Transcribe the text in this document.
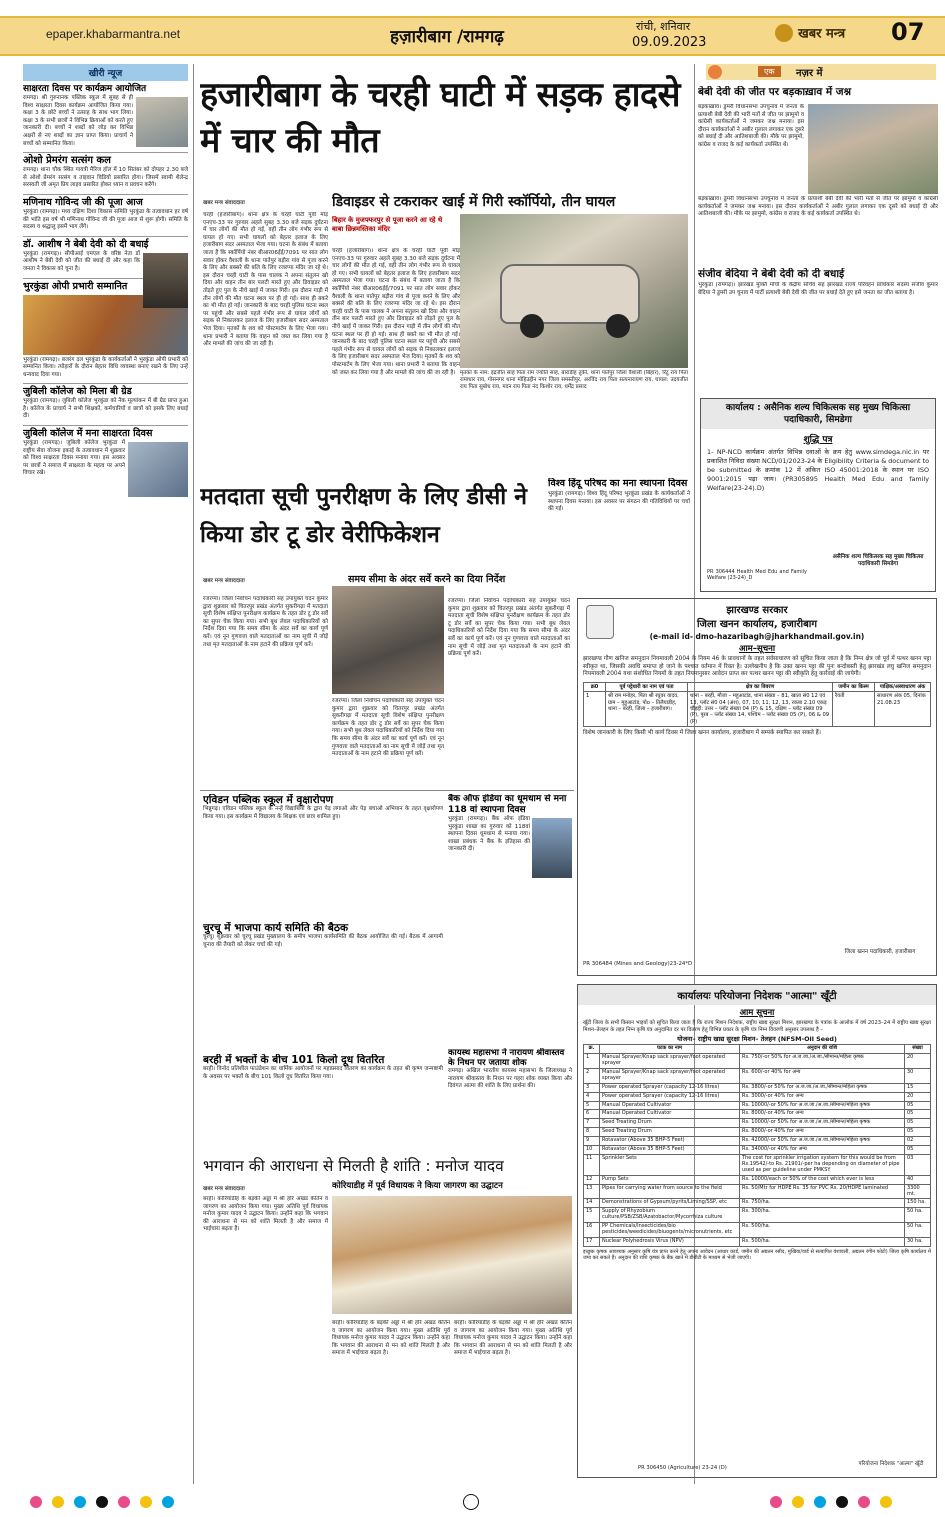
epaper.khabarmantra.net	हज़ारीबाग /रामगढ़
रांची, शनिवार
09.09.2023
खबर मन्त्र	07
खीरी न्यूज
साक्षरता दिवस पर कार्यक्रम आयोजित
रामगढ़। श्री गुरुनानक पब्लिक स्कूल में सुबह से ही विश्व साक्षरता दिवस कार्यक्रम आयोजित किया गया। कक्षा 3 के छोटे बच्चों ने उत्साह के साथ भाग लिया। कक्षा 3 के सभी छात्रों ने विभिन्न क्रियाओं को करते हुए जानकारी दी। बच्चों ने शब्दों को जोड़ कर विभिन्न अक्षरों से नए शब्दों का ज्ञान प्राप्त किया। प्राचार्य ने बच्चों को सम्मानित किया।
ओशो प्रेमरंग सत्संग कल
रामगढ़। थाना चौक स्थित गायत्री मैरिज हॉल में 10 सितंबर को दोपहर 2.30 बजे से ओशो प्रेमरंग सत्संग व ताइवान विडियो प्रसारित होगा। जिसमें स्वामी शैलेन्द्र सरस्वती जी अमृत प्रिय लाइव प्रसारित होकर ध्यान व प्रवचन करेंगे।
मणिनाथ गोविन्द जी की पूजा आज
भुरकुंडा (रामगढ़)। मध्य दक्षिण दिशा विकास समिति भुरकुंडा के तत्वावधान हर वर्ष की भांति इस वर्ष भी मणिनाथ गोविन्द जी की पूजा आज से शुरू होगी। समिति के सदस्य व श्रद्धालु इसमें भाग लेंगे।
डॉ. आशीष ने बेबी देवी को दी बधाई
भुरकुंडा (रामगढ़)। सीपीआई एमएल के वरिष्ठ नेता डॉ आशीष ने बेबी देवी को जीत की बधाई दी और कहा कि जनता ने विकास को चुना है।
भुरकुंडा ओपी प्रभारी सम्मानित
भुरकुंडा (रामगढ़)। बजरंग दल भुरकुंडा के कार्यकर्ताओं ने भुरकुंडा ओपी प्रभारी को सम्मानित किया। त्योहारों के दौरान बेहतर विधि व्यवस्था बनाए रखने के लिए उन्हें धन्यवाद दिया गया।
जुबिली कॉलेज को मिला बी ग्रेड
भुरकुंडा (रामगढ़)। जुबिली कॉलेज भुरकुंडा को नैक मूल्यांकन में बी ग्रेड प्राप्त हुआ है। कॉलेज के प्राचार्य ने सभी शिक्षकों, कर्मचारियों व छात्रों को इसके लिए बधाई दी।
जुबिली कॉलेज में मना साक्षरता दिवस
भुरकुंडा (रामगढ़)। जुबिली कॉलेज भुरकुंडा में राष्ट्रीय सेवा योजना इकाई के तत्वावधान में शुक्रवार को विश्व साक्षरता दिवस मनाया गया। इस अवसर पर छात्रों ने समाज में साक्षरता के महत्व पर अपने विचार रखे।
हजारीबाग के चरही घाटी में सड़क हादसे में चार की मौत
खबर मन्त्र संवाददाता
चरही (हजारीबाग)। थाना क्षेत्र के चरही घाटी पूर्वी मोड़ एनएच-33 पर गुरुवार अहले सुबह 3.30 बजे सड़क दुर्घटना में चार लोगों की मौत हो गई, वहीं तीन लोग गंभीर रूप से घायल हो गए। सभी घायलों को बेहतर इलाज के लिए हजारीबाग सदर अस्पताल भेजा गया। घटना के संबंध में बताया जाता है कि स्कॉर्पियो नंबर बीआर06ईई/7091 पर सात लोग सवार होकर वैशाली के थाना पातेपुर बड़ौरा गांव से पूजा करने के लिए और बक्सरे की बलि के लिए रजरप्पा मंदिर जा रहे थे। इस दौरान चरही घाटी के पास चालक ने अपना संतुलन खो दिया और वाहन तीन बार पलटी मारते हुए और डिवाइडर को तोड़ते हुए पुल के नीचे खाई में जाकर गिरी। इस दौरान गाड़ी में तीन लोगों की मौत घटना स्थल पर ही हो गई। साथ ही बकरे का भी मौत हो गई। जानकारी के बाद चरही पुलिस घटना स्थल पर पहुंची और सबसे पहले गंभीर रूप से घायल लोगों को सड़क से निकालकर इलाज के लिए हजारीबाग सदर अस्पताल भेज दिया। मृतकों के शव को पोस्टमार्टम के लिए भेजा गया। थाना प्रभारी ने बताया कि वाहन को जब्त कर लिया गया है और मामले की जांच की जा रही है।
चरही (हजारीबाग)। थाना क्षेत्र के चरही घाटी पूर्वी मोड़ एनएच-33 पर गुरुवार अहले सुबह 3.30 बजे सड़क दुर्घटना में चार लोगों की मौत हो गई, वहीं तीन लोग गंभीर रूप से घायल हो गए। सभी घायलों को बेहतर इलाज के लिए हजारीबाग सदर अस्पताल भेजा गया। घटना के संबंध में बताया जाता है कि स्कॉर्पियो नंबर बीआर06ईई/7091 पर सात लोग सवार होकर वैशाली के थाना पातेपुर बड़ौरा गांव से पूजा करने के लिए और बक्सरे की बलि के लिए रजरप्पा मंदिर जा रहे थे। इस दौरान चरही घाटी के पास चालक ने अपना संतुलन खो दिया और वाहन तीन बार पलटी मारते हुए और डिवाइडर को तोड़ते हुए पुल के नीचे खाई में जाकर गिरी। इस दौरान गाड़ी में तीन लोगों की मौत घटना स्थल पर ही हो गई। साथ ही बकरे का भी मौत हो गई। जानकारी के बाद चरही पुलिस घटना स्थल पर पहुंची और सबसे पहले गंभीर रूप से घायल लोगों को सड़क से निकालकर इलाज के लिए हजारीबाग सदर अस्पताल भेज दिया। मृतकों के शव को पोस्टमार्टम के लिए भेजा गया। थाना प्रभारी ने बताया कि वाहन को जब्त कर लिया गया है और मामले की जांच की जा रही है।
डिवाइडर से टकराकर खाई में गिरी स्कॉर्पियो, तीन घायल
बिहार के मुजफ्फरपुर से पूजा करने आ रहे थे बाबा छिन्नमस्तिका मंदिर
मृतकों के नाम: इंद्रजीत साह पिता राम ज्योति साह, बाराडीह तुर्की, थाना पातेपुर जिला वैशाली (बिहार), रिंटू राय पिता रामाधार राय, गोसनगर थाना मोहिउद्दीन नगर जिला समस्तीपुर, अरविंद राय पिता सत्यनारायण राय, घायल: उदयजीत राय पिता सुबोध राय, मदन राय पिता नंद किशोर राय, धर्मेंद्र प्रसाद
मतदाता सूची पुनरीक्षण के लिए डीसी ने किया डोर टू डोर वेरीफिकेशन
खबर मन्त्र संवाददाता	समय सीमा के अंदर सर्वे करने का दिया निर्देश
रजरप्पा। जिला निर्वाचन पदाधिकारी सह उपायुक्त चंदन कुमार द्वारा शुक्रवार को चितरपुर प्रखंड अंतर्गत सुकरीगढ़ा में मतदाता सूची विशेष संक्षिप्त पुनरीक्षण कार्यक्रम के तहत डोर टू डोर सर्वे का सुपर चेक किया गया। सभी बूथ लेवल पदाधिकारियों को निर्देश दिया गया कि समय सीमा के अंदर सर्वे का कार्य पूर्ण करें। एवं नून गुणवत्ता वाले मतदाताओं का नाम सूची में जोड़ें तथा मृत मतदाताओं के नाम हटाने की प्रक्रिया पूर्ण करें।
रजरप्पा। जिला निर्वाचन पदाधिकारी सह उपायुक्त चंदन कुमार द्वारा शुक्रवार को चितरपुर प्रखंड अंतर्गत सुकरीगढ़ा में मतदाता सूची विशेष संक्षिप्त पुनरीक्षण कार्यक्रम के तहत डोर टू डोर सर्वे का सुपर चेक किया गया। सभी बूथ लेवल पदाधिकारियों को निर्देश दिया गया कि समय सीमा के अंदर सर्वे का कार्य पूर्ण करें। एवं नून गुणवत्ता वाले मतदाताओं का नाम सूची में जोड़ें तथा मृत मतदाताओं के नाम हटाने की प्रक्रिया पूर्ण करें।
रजरप्पा। जिला निर्वाचन पदाधिकारी सह उपायुक्त चंदन कुमार द्वारा शुक्रवार को चितरपुर प्रखंड अंतर्गत सुकरीगढ़ा में मतदाता सूची विशेष संक्षिप्त पुनरीक्षण कार्यक्रम के तहत डोर टू डोर सर्वे का सुपर चेक किया गया। सभी बूथ लेवल पदाधिकारियों को निर्देश दिया गया कि समय सीमा के अंदर सर्वे का कार्य पूर्ण करें। एवं नून गुणवत्ता वाले मतदाताओं का नाम सूची में जोड़ें तथा मृत मतदाताओं के नाम हटाने की प्रक्रिया पूर्ण करें।
विश्व हिंदू परिषद का मना स्थापना दिवस
भुरकुंडा (रामगढ़)। विश्व हिंदू परिषद भुरकुंडा प्रखंड के कार्यकर्ताओं ने स्थापना दिवस मनाया। इस अवसर पर संगठन की गतिविधियों पर चर्चा की गई।
एविडन पब्लिक स्कूल में वृक्षारोपण
भिन्नुगढ़। एविडन पब्लिक स्कूल के नन्हें विद्यार्थियों के द्वारा पेड़ लगाओ और पेड़ बचाओ अभियान के तहत वृक्षारोपण किया गया। इस कार्यक्रम में विद्यालय के शिक्षक एवं छात्र शामिल हुए।
बैंक ऑफ इंडिया का धूमधाम से मना 118 वां स्थापना दिवस
भुरकुंडा (रामगढ़)। बैंक ऑफ इंडिया भुरकुंडा शाखा का गुरुवार को 118वां स्थापना दिवस धूमधाम से मनाया गया। शाखा प्रबंधक ने बैंक के इतिहास की जानकारी दी।
चुरचू में भाजपा कार्य समिति की बैठक
चुरचू। शुक्रवार को चुरचू प्रखंड मुख्यालय के समीप भाजपा कार्यसमिति की बैठक आयोजित की गई। बैठक में आगामी चुनाव की तैयारी को लेकर चर्चा की गई।
बरही में भक्तों के बीच 101 किलो दूध वितरित
बरही। विनोद प्रतिशील फाउंडेशन का धार्मिक आयोजनों पर महाप्रसाद वितरण का कार्यक्रम के तहत श्री कृष्ण जन्माष्टमी के अवसर पर भक्तों के बीच 101 किलो दूध वितरित किया गया।
कायस्थ महासभा ने नारायण श्रीवास्तव के निधन पर जताया शोक
रामगढ़। अखिल भारतीय कायस्थ महासभा के जिलाध्यक्ष ने नारायण श्रीवास्तव के निधन पर गहरा शोक व्यक्त किया और दिवंगत आत्मा की शांति के लिए प्रार्थना की।
भगवान की आराधना से मिलती है शांति : मनोज यादव
खबर मन्त्र संवाददाता	कोरियाडीह में पूर्व विधायक ने किया जागरण का उद्घाटन
बरही। कोरियाडीह के बड़की अड्डा में श्री हरि अखंड कीर्तन व जागरण का आयोजन किया गया। मुख्य अतिथि पूर्व विधायक मनोज कुमार यादव ने उद्घाटन किया। उन्होंने कहा कि भगवान की आराधना से मन को शांति मिलती है और समाज में भाईचारा बढ़ता है।
बरही। कोरियाडीह के बड़की अड्डा में श्री हरि अखंड कीर्तन व जागरण का आयोजन किया गया। मुख्य अतिथि पूर्व विधायक मनोज कुमार यादव ने उद्घाटन किया। उन्होंने कहा कि भगवान की आराधना से मन को शांति मिलती है और समाज में भाईचारा बढ़ता है।
बरही। कोरियाडीह के बड़की अड्डा में श्री हरि अखंड कीर्तन व जागरण का आयोजन किया गया। मुख्य अतिथि पूर्व विधायक मनोज कुमार यादव ने उद्घाटन किया। उन्होंने कहा कि भगवान की आराधना से मन को शांति मिलती है और समाज में भाईचारा बढ़ता है।
एक	नज़र में
बेबी देवी की जीत पर बड़काख़ाव में जश्न
बड़काख़ाव। डुमरी विधानसभा उपचुनाव में जनता के प्रत्याशी बेबी देवी की भारी मतों से जीत पर झामुमो व कांग्रेसी कार्यकर्ताओं ने जमकर जश्न मनाया। इस दौरान कार्यकर्ताओं ने अबीर गुलाल लगाकर एक दूसरे को बधाई दी और आतिशबाजी की। मौके पर झामुमो, कांग्रेस व राजद के कई कार्यकर्ता उपस्थित थे।
बड़काख़ाव। डुमरी विधानसभा उपचुनाव में जनता के प्रत्याशी बेबी देवी की भारी मतों से जीत पर झामुमो व कांग्रेसी कार्यकर्ताओं ने जमकर जश्न मनाया। इस दौरान कार्यकर्ताओं ने अबीर गुलाल लगाकर एक दूसरे को बधाई दी और आतिशबाजी की। मौके पर झामुमो, कांग्रेस व राजद के कई कार्यकर्ता उपस्थित थे।
संजीव बेदिया ने बेबी देवी को दी बधाई
भुरकुंडा (रामगढ़)। झारखंड मुक्ति मोर्चा के केंद्रीय सचिव सह झारखंड राज्य परिवहन प्राधिकार सदस्य संजीव कुमार बेदिया ने डुमरी उप चुनाव में पार्टी प्रत्याशी बेबी देवी की जीत पर बधाई देते हुए इसे जनता का जीत बताया है।
कार्यालय : असैनिक शल्य चिकित्सक सह मुख्य चिकित्सा पदाधिकारी, सिमडेगा
शुद्धि पत्र
1- NP-NCD कार्यक्रम अंतर्गत विभिन्न दवाओं के क्रय हेतु www.simdega.nic.in पर प्रकाशित निविदा संख्या NCD/01/2023-24 के Eligibility Criteria & document to be submitted के क्रमांक 12 में अंकित ISO 45001:2018 के स्थान पर ISO 9001:2015 पढ़ा जाय। (PR305895 Health Med Edu and family Welfare(23-24).D)
PR 306444 Health Med Edu and Family Welfare (23-24)_D
असैनिक शल्य चिकित्सक सह मुख्य चिकित्सा पदाधिकारी सिमडेगा
झारखण्ड सरकार
जिला खनन कार्यालय, हजारीबाग
(e-mail id- dmo-hazaribagh@jharkhandmail.gov.in)
आम–सूचना
झारखण्ड गौण खनिज समनुदान नियमावली 2004 के नियम 46 के प्रावधानों के तहत सर्वसाधारण को सूचित किया जाता है कि निम्न क्षेत्र जो पूर्व में पत्थर खनन पट्टा स्वीकृत था, जिसकी अवधि समाप्त हो जाने के पश्चात वर्तमान में रिक्त है। उल्लेखनीय है कि उक्त खनन पट्टा की पुनः बन्दोबस्ती हेतु झारखंड लघु खनिज समनुदान नियमावली 2004 यथा संशोधित नियमों के तहत नियमानुसार आवेदन प्राप्त कर पत्थर खनन पट्टा की स्वीकृति हेतु कार्रवाई की जायेगी।
क्र0	पूर्व पट्टेधारी का नाम एवं पता	क्षेत्र का विवरण	जमीन का किस्म	पाक्षिक/अस्वाधारण अंक
1	श्री राम मनोहर, पिता श्री रघुवर यादव, ग्राम – मुहुआटांड, पोo – तिलैयाडीह, थाना – बरही, जिला – हजारीबाग।	थाना – बरही, मौजा – महुआटांड, थाना संख्या – 81, खाता सं0 12 एवं 13, प्लॉट सं0 04 (अंश), 07, 10, 11, 12, 13, रकबा 2.10 एकड़ चौहद्दी: उत्तर – प्लॉट संख्या 04 (P) & 15, दक्षिण – प्लॉट संख्या 09 (P), पूरब – प्लॉट संख्या 14, पश्चिम – प्लॉट संख्या 05 (P), 06 & 09 (P)	रैयती	साधारण अंक 05, दिनांक 21.08.23
विशेष जानकारी के लिए किसी भी कार्य दिवस में जिला खनन कार्यालय, हजारीबाग में सम्पर्क स्थापित कर सकते हैं।
PR 306484 (Mines and Geology)23-24*D
जिला खनन पदाधिकारी, हजारीबाग
कार्यालयः परियोजना निदेशक "आत्मा" खूँटी
आम सूचना
खूँटी जिला के सभी किसान भाइयों को सूचित किया जाता है कि राज्य मिशन निदेशक, राष्ट्रीय खाद्य सुरक्षा मिशन, झारखण्ड के पत्रांक के आलोक में वर्ष 2023–24 में राष्ट्रीय खाद्य सुरक्षा मिशन–तेलहन के तहत निम्न कृषि यंत्र अनुदानित दर पर वितरण हेतु विभिन्न प्रकार के कृषि यंत्र निम्न विवरणी अनुसार उपलब्ध है –
योजना– राष्ट्रीय खाद्य सुरक्षा मिशन– तेलहन (NFSM-Oil Seed)
क्र.	घटक का नाम	अनुदान की राशि	संख्या
1	Manual Sprayer/Knap sack sprayer/foot operated sprayer	Rs. 750/-or 50% for अ.ज.जा./अ.जा./सीमान्त/महिला कृषक	20
2	Manual Sprayer/Knap sack sprayer/foot operated sprayer	Rs. 600/-or 40% for अन्य	30
3	Power operated Sprayer (capacity 12-16 litres)	Rs. 3800/-or 50% for अ.ज.जा./अ.जा./सीमान्त/महिला कृषक	15
4	Power operated Sprayer (capacity 12-16 litres)	Rs. 3000/-or 40% for अन्य	20
5	Manual Operated Cultivator	Rs. 10000/-or 50% for अ.ज.जा./अ.जा./सीमान्त/महिला कृषक	05
6	Manual Operated Cultivator	Rs. 8000/-or 40% for अन्य	05
7	Seed Treating Drum	Rs. 10000/-or 50% for अ.ज.जा./अ.जा./सीमान्त/महिला कृषक	05
8	Seed Treating Drum	Rs. 8000/-or 40% for अन्य	05
9	Rotavator (Above 35 BHP-5 Feet)	Rs. 42000/-or 50% for अ.ज.जा./अ.जा./सीमान्त/महिला कृषक	02
10	Rotavator (Above 35 BHP-5 Feet)	Rs. 34000/-or 40% for अन्य	05
11	Sprinkler Sets	The cost for sprinkler irrigation system for this would be from Rs.19542/-to Rs. 21901/-per ha depending on diameter of pipe used as per guideline under PMKSY	03
12	Pump Sets	Rs. 10000/each or 50% of the cost which ever is less	40
13	Pipes for carrying water from source to the field	Rs. 50/Mtr for HDPE Rs. 35 for PVC Rs. 20/HDPE laminated	3300 mt.
14	Demonstrations of Gypsum/pyrits/Liming/SSP, etc	Rs. 750/ha.	150 ha.
15	Supply of Rhyzobium culture/PSB/ZSB/Azatobactor/Mycorrhiza culture	Rs. 300/ha.	50 ha.
16	PP Chemicals/Insecticides/bio pesticides/weedicides/biuogents/micronutrients, etc	Rs. 500/ha.	50 ha.
17	Nuclear Polyhedrosis Virus (NPV)	Rs. 500/ha.	30 ha.
इच्छुक कृषक आवश्यक अनुसार कृषि यंत्र प्राप्त करने हेतु अपना आवेदन (आधार कार्ड, जमीन की अद्यतन रसीद, मुखिया/वार्ड से सत्यापित वंशावली, अद्यतन रंगीन फोटो) जिला कृषि कार्यालय में जमा कर सकते हैं। अनुदान की राशि कृषक के बैंक खाते में डीबीटी के माध्यम से भेजी जाएगी।
PR 306450 (Agriculture) 23-24 (D)
परियोजना निदेशक "आत्मा" खूँटी
